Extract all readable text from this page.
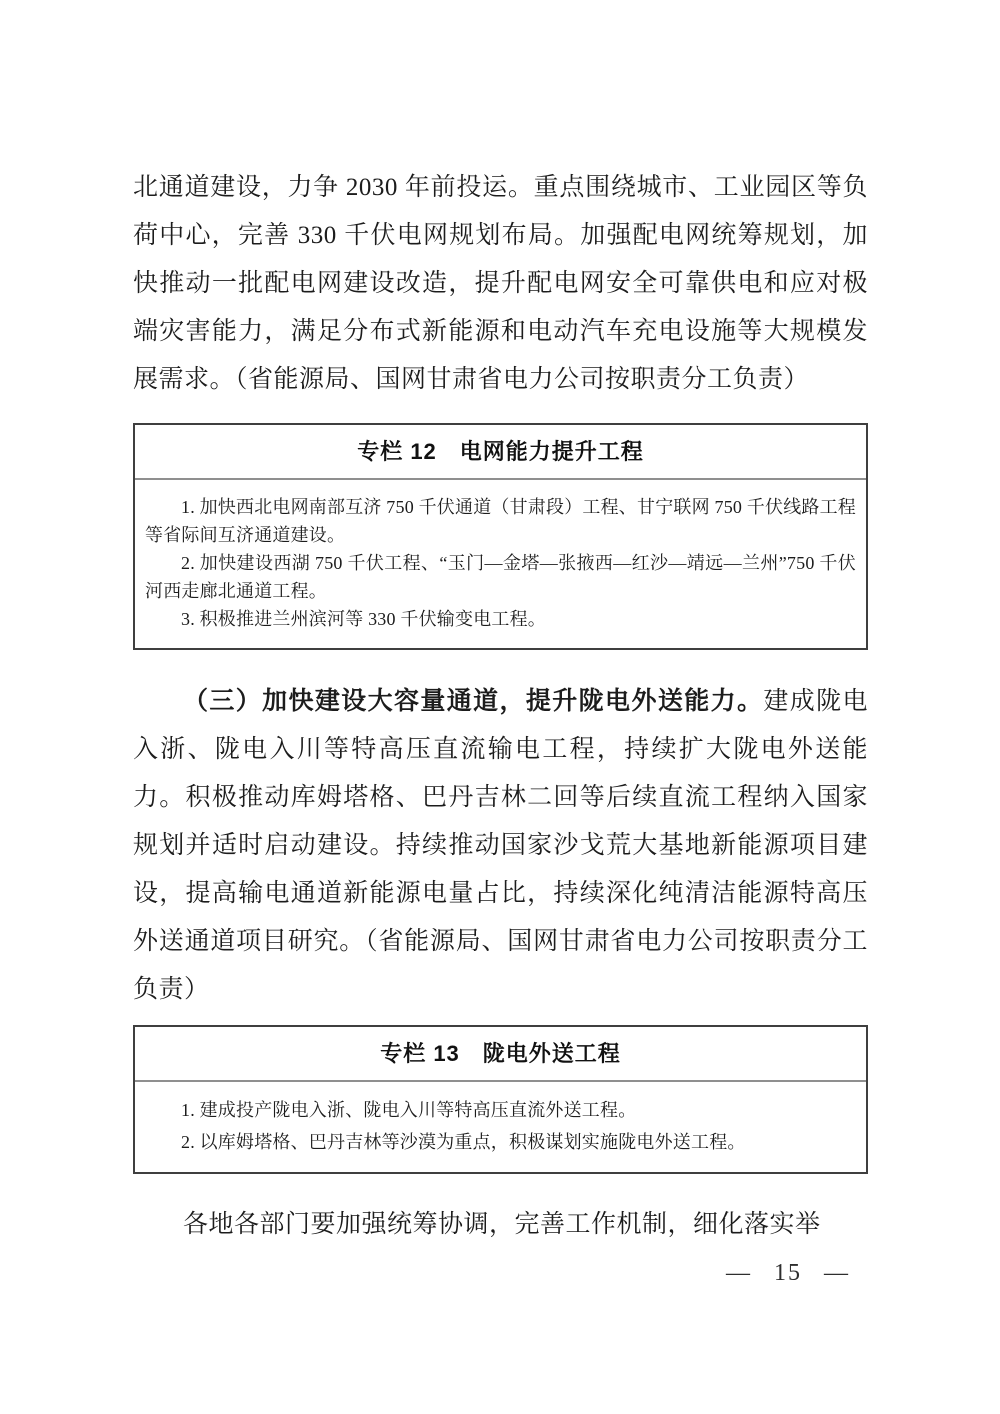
北通道建设，力争 2030 年前投运。重点围绕城市、工业园区等负荷中心，完善 330 千伏电网规划布局。加强配电网统筹规划，加快推动一批配电网建设改造，提升配电网安全可靠供电和应对极端灾害能力，满足分布式新能源和电动汽车充电设施等大规模发展需求。（省能源局、国网甘肃省电力公司按职责分工负责）

专栏 12　电网能力提升工程

1. 加快西北电网南部互济 750 千伏通道（甘肃段）工程、甘宁联网 750 千伏线路工程等省际间互济通道建设。

2. 加快建设西湖 750 千伏工程、“玉门—金塔—张掖西—红沙—靖远—兰州”750 千伏河西走廊北通道工程。

3. 积极推进兰州滨河等 330 千伏输变电工程。

（三）加快建设大容量通道，提升陇电外送能力。建成陇电入浙、陇电入川等特高压直流输电工程，持续扩大陇电外送能力。积极推动库姆塔格、巴丹吉林二回等后续直流工程纳入国家规划并适时启动建设。持续推动国家沙戈荒大基地新能源项目建设，提高输电通道新能源电量占比，持续深化纯清洁能源特高压外送通道项目研究。（省能源局、国网甘肃省电力公司按职责分工负责）

专栏 13　陇电外送工程

1. 建成投产陇电入浙、陇电入川等特高压直流外送工程。

2. 以库姆塔格、巴丹吉林等沙漠为重点，积极谋划实施陇电外送工程。

各地各部门要加强统筹协调，完善工作机制，细化落实举

— 15 —
